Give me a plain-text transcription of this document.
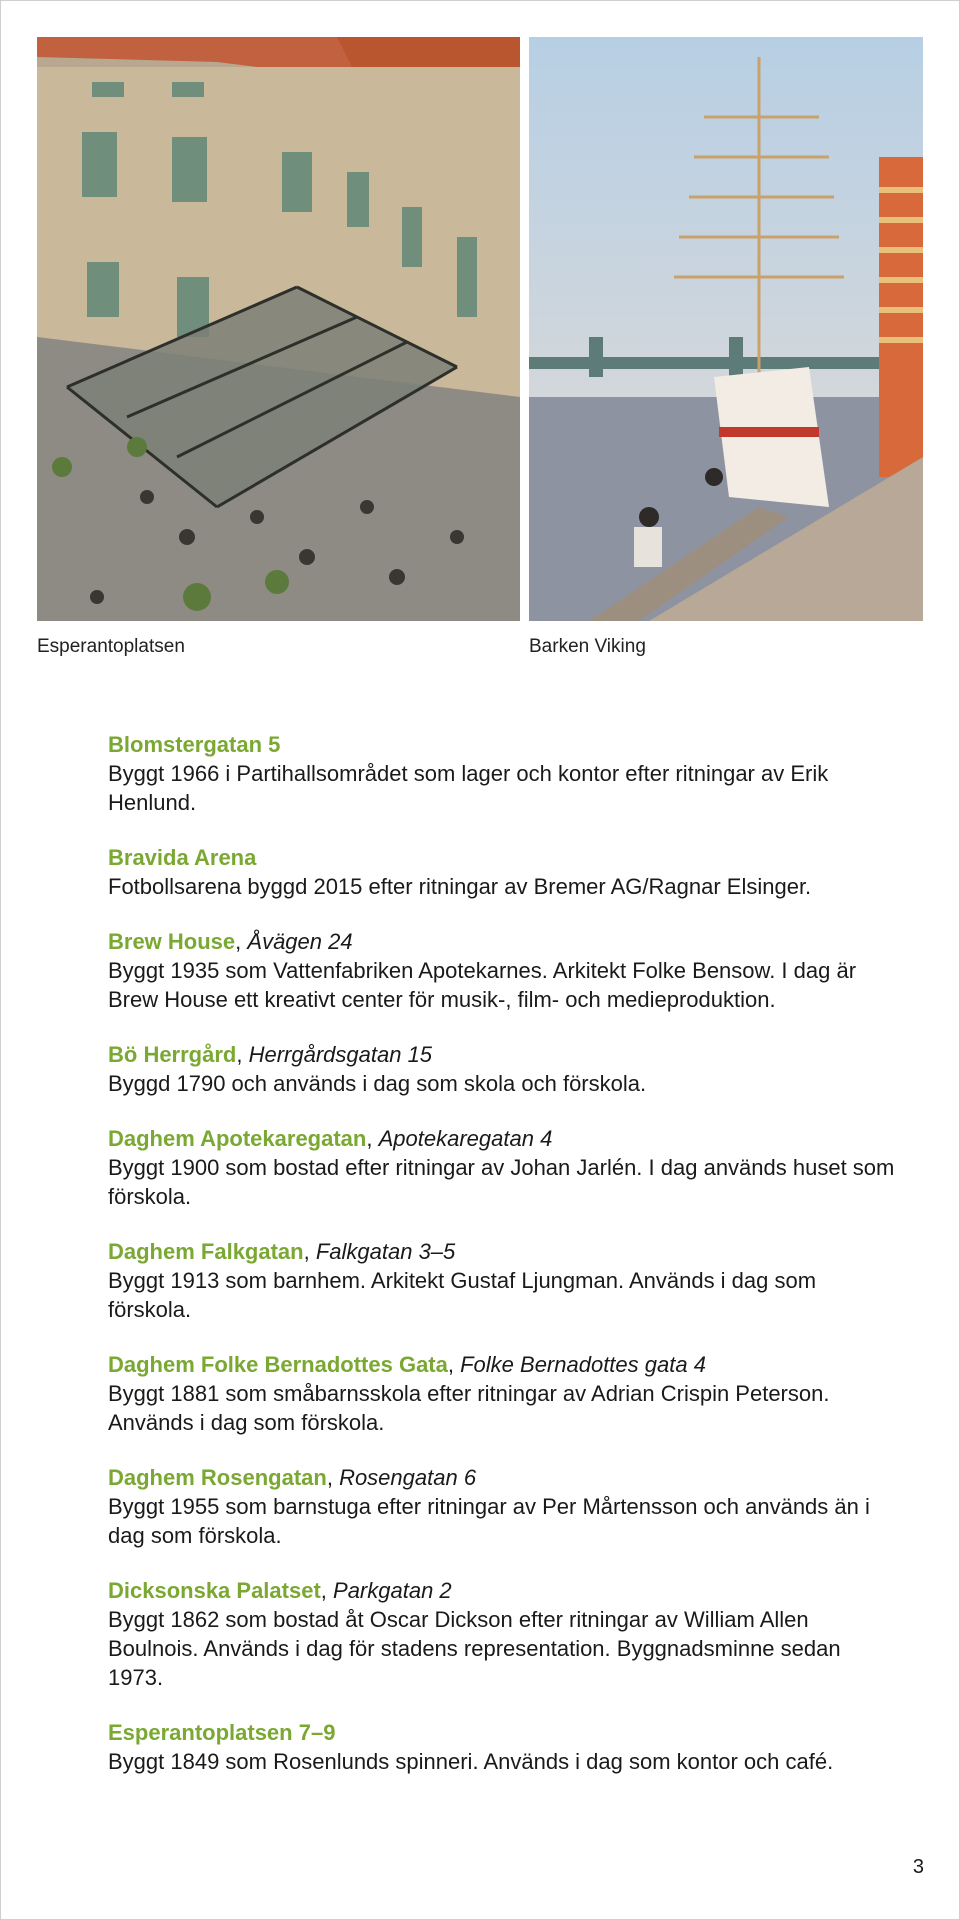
Esperantoplatsen	Barken Viking
Blomstergatan 5
Byggt 1966 i Partihallsområdet som lager och kontor efter ritningar av Erik Henlund.
Bravida Arena
Fotbollsarena byggd 2015 efter ritningar av Bremer AG/Ragnar Elsinger.
Brew House, Åvägen 24
Byggt 1935 som Vattenfabriken Apotekarnes. Arkitekt Folke Bensow. I dag är Brew House ett kreativt center för musik-, film- och medieproduktion.
Bö Herrgård, Herrgårdsgatan 15
Byggd 1790 och används i dag som skola och förskola.
Daghem Apotekaregatan, Apotekaregatan 4
Byggt 1900 som bostad efter ritningar av Johan Jarlén. I dag används huset som förskola.
Daghem Falkgatan, Falkgatan 3–5
Byggt 1913 som barnhem. Arkitekt Gustaf Ljungman. Används i dag som förskola.
Daghem Folke Bernadottes Gata, Folke Bernadottes gata 4
Byggt 1881 som småbarnsskola efter ritningar av Adrian Crispin Peterson. Används i dag som förskola.
Daghem Rosengatan, Rosengatan 6
Byggt 1955 som barnstuga efter ritningar av Per Mårtensson och används än i dag som förskola.
Dicksonska Palatset, Parkgatan 2
Byggt 1862 som bostad åt Oscar Dickson efter ritningar av William Allen Boulnois. Används i dag för stadens representation. Byggnadsminne sedan 1973.
Esperantoplatsen 7–9
Byggt 1849 som Rosenlunds spinneri. Används i dag som kontor och café.
3
